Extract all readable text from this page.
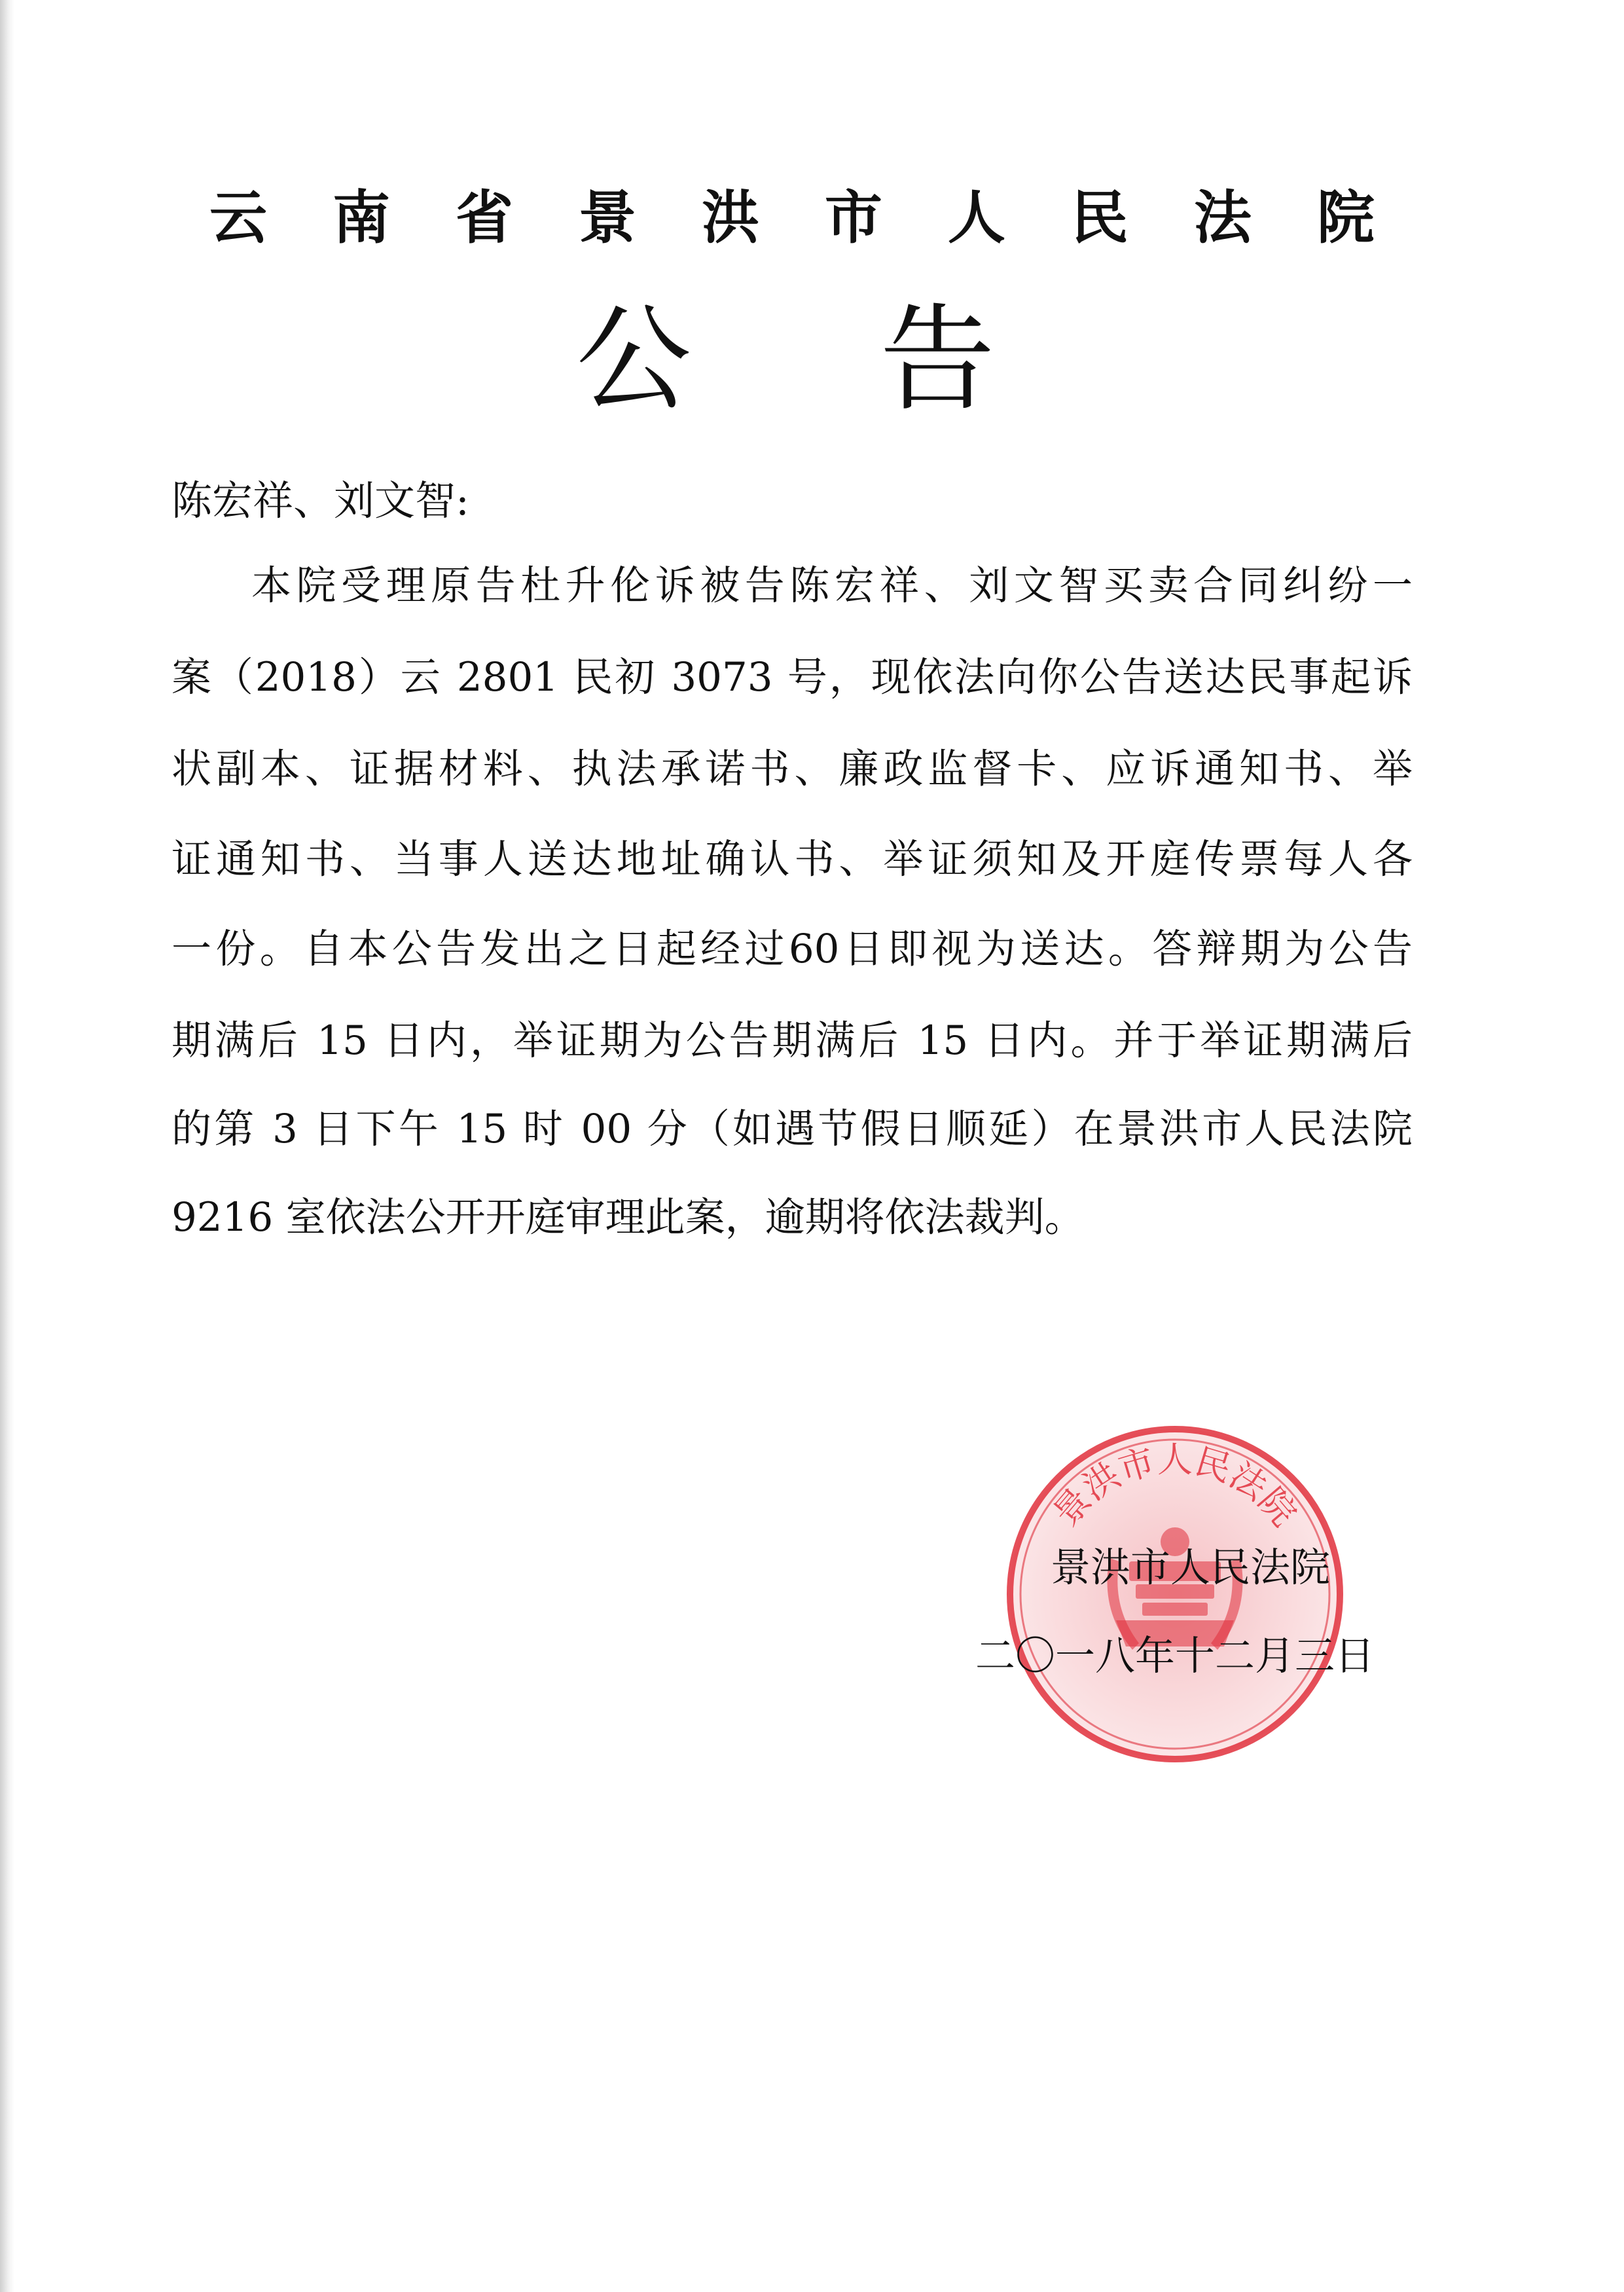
云 南 省 景 洪 市 人 民 法 院
公 告

陈宏祥、刘文智:

本院受理原告杜升伦诉被告陈宏祥、刘文智买卖合同纠纷一

案（2018）云 2801 民初 3073 号，现依法向你公告送达民事起诉

状副本、证据材料、执法承诺书、廉政监督卡、应诉通知书、举

证通知书、当事人送达地址确认书、举证须知及开庭传票每人各

一份。自本公告发出之日起经过60日即视为送达。答辩期为公告

期满后 15 日内，举证期为公告期满后 15 日内。并于举证期满后

的第 3 日下午 15 时 00 分（如遇节假日顺延）在景洪市人民法院

9216 室依法公开开庭审理此案，逾期将依法裁判。

景洪市人民法院

景洪市人民法院

二〇一八年十二月三日
